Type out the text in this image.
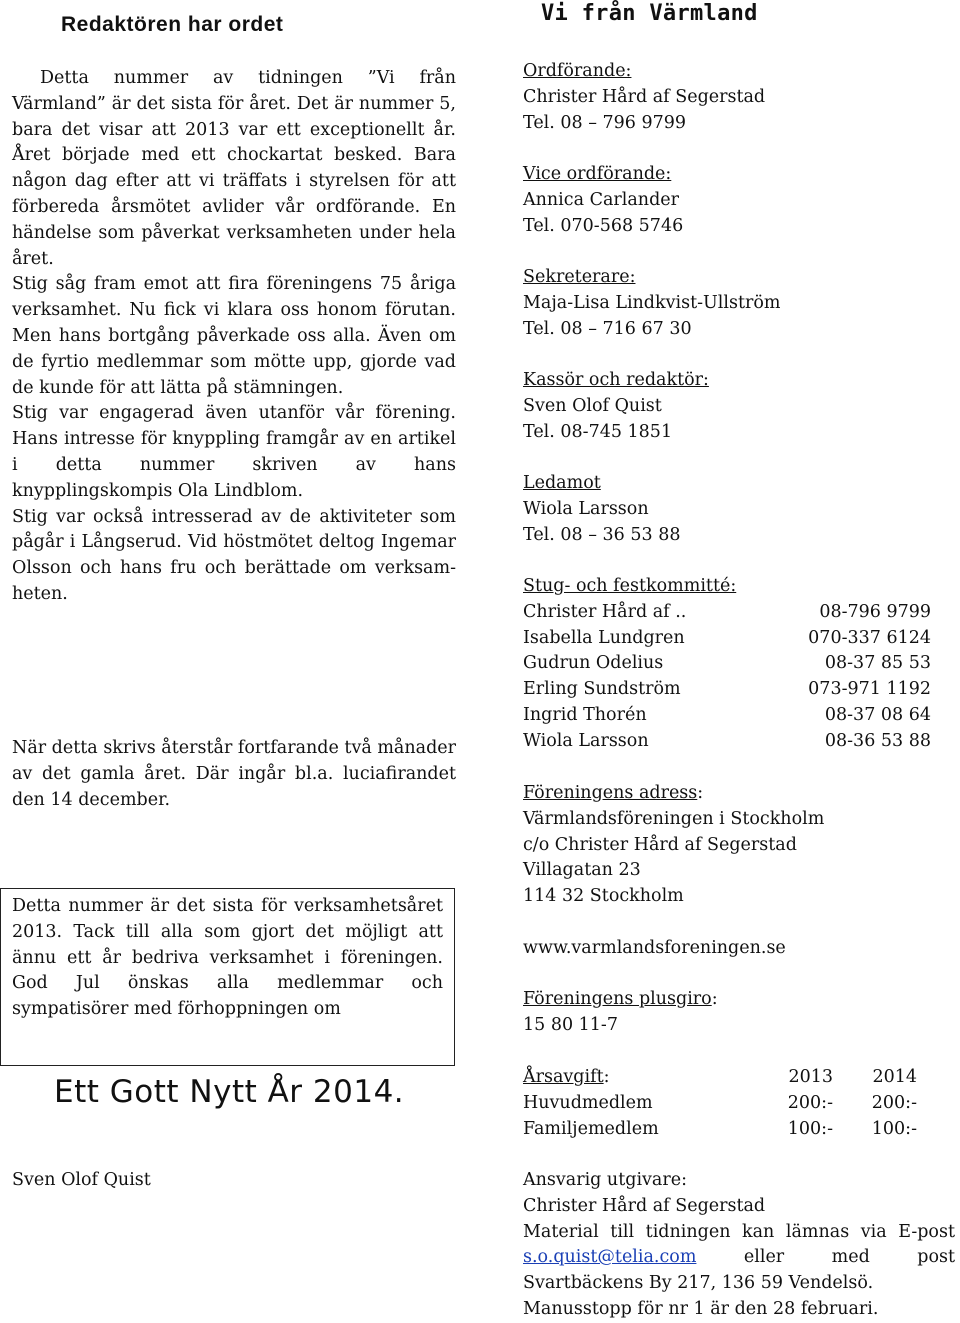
Redaktören har ordet

Detta nummer av tidningen ”Vi från Värmland” är det sista för året. Det är nummer 5, bara det visar att 2013 var ett exceptionellt år. Året började med ett chockartat besked. Bara någon dag efter att vi träffats i styrelsen för att förbereda årsmötet avlider vår ordförande. En händelse som påverkat verksamheten under hela året.

Stig såg fram emot att fira föreningens 75 åriga verksamhet. Nu fick vi klara oss honom förutan. Men hans bortgång påverkade oss alla. Även om de fyrtio medlemmar som mötte upp, gjorde vad de kunde för att lätta på stämningen.

Stig var engagerad även utanför vår förening. Hans intresse för knyppling framgår av en artikel i detta nummer skriven av hans knypplingskompis Ola Lindblom.

Stig var också intresserad av de aktiviteter som pågår i Långserud. Vid höstmötet deltog Ingemar Olsson och hans fru och berättade om verksam-heten.

När detta skrivs återstår fortfarande två månader av det gamla året. Där ingår bl.a. luciafirandet den 14 december.

Detta nummer är det sista för verksamhetsåret 2013. Tack till alla som gjort det möjligt att ännu ett år bedriva verksamhet i föreningen. God Jul önskas alla medlemmar och sympatisörer med förhoppningen om

Ett Gott Nytt År 2014.

Sven Olof Quist

Vi från Värmland
Ordförande:
Christer Hård af Segerstad
Tel. 08 – 796 9799
Vice ordförande:
Annica Carlander
Tel. 070-568 5746
Sekreterare:
Maja-Lisa Lindkvist-Ullström
Tel. 08 – 716 67 30
Kassör och redaktör:
Sven Olof Quist
Tel. 08-745 1851
Ledamot
Wiola Larsson
Tel. 08 – 36 53 88
Stug- och festkommitté:
Christer Hård af ..	08-796 9799
Isabella Lundgren	070-337 6124
Gudrun Odelius	08-37 85 53
Erling Sundström	073-971 1192
Ingrid Thorén	08-37 08 64
Wiola Larsson	08-36 53 88
Föreningens adress:
Värmlandsföreningen i Stockholm
c/o Christer Hård af Segerstad
Villagatan 23
114 32 Stockholm
www.varmlandsforeningen.se
Föreningens plusgiro:
15 80 11-7
Årsavgift:	2013	2014
Huvudmedlem	200:-	200:-
Familjemedlem	100:-	100:-
Ansvarig utgivare:
Christer Hård af Segerstad
Material till tidningen kan lämnas via E-post s.o.quist@telia.com eller med post Svartbäckens By 217, 136 59 Vendelsö.
Manusstopp för nr 1 är den 28 februari.
